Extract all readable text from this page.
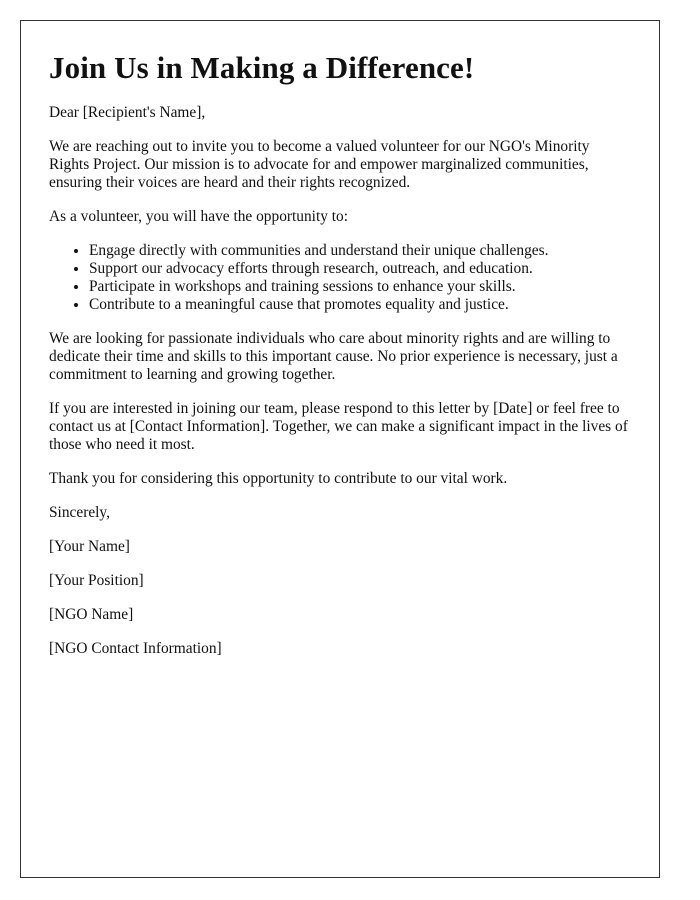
Join Us in Making a Difference!

Dear [Recipient's Name],

We are reaching out to invite you to become a valued volunteer for our NGO's Minority Rights Project. Our mission is to advocate for and empower marginalized communities, ensuring their voices are heard and their rights recognized.

As a volunteer, you will have the opportunity to:

• Engage directly with communities and understand their unique challenges.
• Support our advocacy efforts through research, outreach, and education.
• Participate in workshops and training sessions to enhance your skills.
• Contribute to a meaningful cause that promotes equality and justice.

We are looking for passionate individuals who care about minority rights and are willing to dedicate their time and skills to this important cause. No prior experience is necessary, just a commitment to learning and growing together.

If you are interested in joining our team, please respond to this letter by [Date] or feel free to contact us at [Contact Information]. Together, we can make a significant impact in the lives of those who need it most.

Thank you for considering this opportunity to contribute to our vital work.

Sincerely,

[Your Name]

[Your Position]

[NGO Name]

[NGO Contact Information]
